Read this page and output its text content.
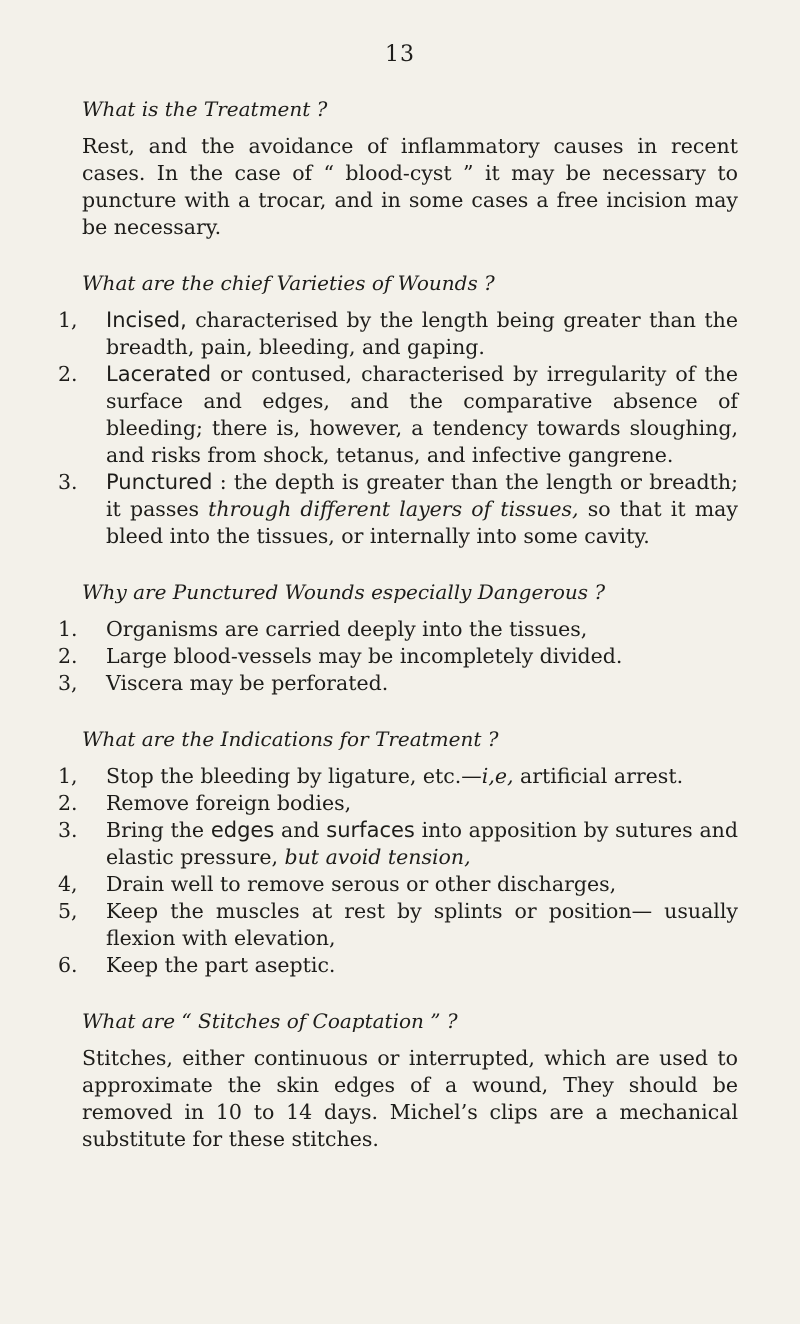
13
What is the Treatment ?

Rest, and the avoidance of inflammatory causes in recent cases. In the case of “ blood-cyst ” it may be necessary to puncture with a trocar, and in some cases a free incision may be necessary.

What are the chief Varieties of Wounds ?

1, Incised, characterised by the length being greater than the breadth, pain, bleeding, and gaping.

2. Lacerated or contused, characterised by irregularity of the surface and edges, and the comparative absence of bleeding; there is, however, a tendency towards sloughing, and risks from shock, tetanus, and infective gangrene.

3. Punctured : the depth is greater than the length or breadth; it passes through different layers of tissues, so that it may bleed into the tissues, or internally into some cavity.

Why are Punctured Wounds especially Dangerous ?

1. Organisms are carried deeply into the tissues,

2. Large blood-vessels may be incompletely divided.

3, Viscera may be perforated.

What are the Indications for Treatment ?

1, Stop the bleeding by ligature, etc.—i,e, artificial arrest.

2. Remove foreign bodies,

3. Bring the edges and surfaces into apposition by sutures and elastic pressure, but avoid tension,

4, Drain well to remove serous or other discharges,

5, Keep the muscles at rest by splints or position— usually flexion with elevation,

6. Keep the part aseptic.

What are “ Stitches of Coaptation ” ?

Stitches, either continuous or interrupted, which are used to approximate the skin edges of a wound, They should be removed in 10 to 14 days. Michel’s clips are a mechanical substitute for these stitches.
